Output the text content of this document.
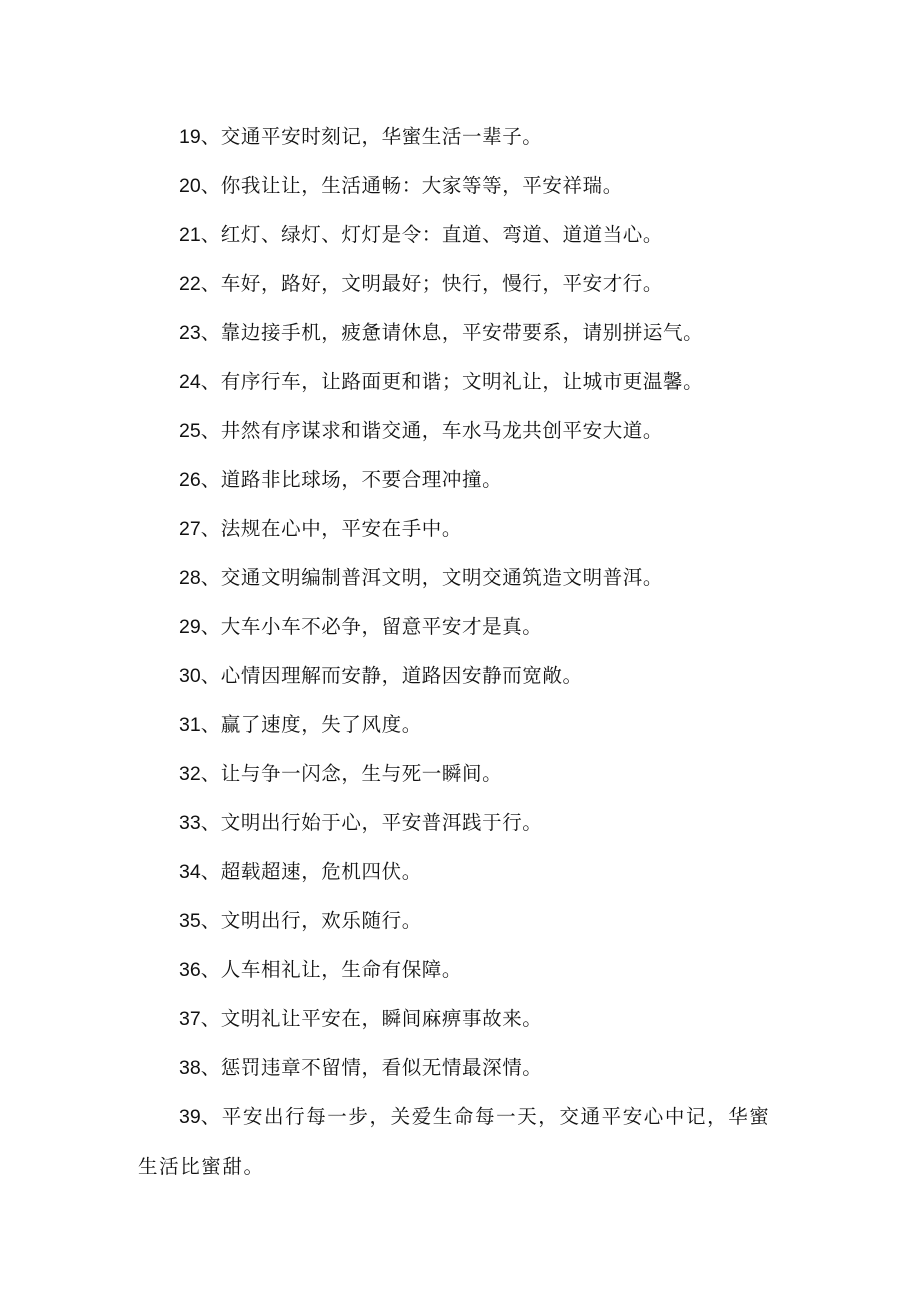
19、交通平安时刻记，华蜜生活一辈子。
20、你我让让，生活通畅：大家等等，平安祥瑞。
21、红灯、绿灯、灯灯是令：直道、弯道、道道当心。
22、车好，路好，文明最好；快行，慢行，平安才行。
23、靠边接手机，疲惫请休息，平安带要系，请别拼运气。
24、有序行车，让路面更和谐；文明礼让，让城市更温馨。
25、井然有序谋求和谐交通，车水马龙共创平安大道。
26、道路非比球场，不要合理冲撞。
27、法规在心中，平安在手中。
28、交通文明编制普洱文明，文明交通筑造文明普洱。
29、大车小车不必争，留意平安才是真。
30、心情因理解而安静，道路因安静而宽敞。
31、赢了速度，失了风度。
32、让与争一闪念，生与死一瞬间。
33、文明出行始于心，平安普洱践于行。
34、超载超速，危机四伏。
35、文明出行，欢乐随行。
36、人车相礼让，生命有保障。
37、文明礼让平安在，瞬间麻痹事故来。
38、惩罚违章不留情，看似无情最深情。
39、平安出行每一步，关爱生命每一天，交通平安心中记，华蜜生活比蜜甜。
